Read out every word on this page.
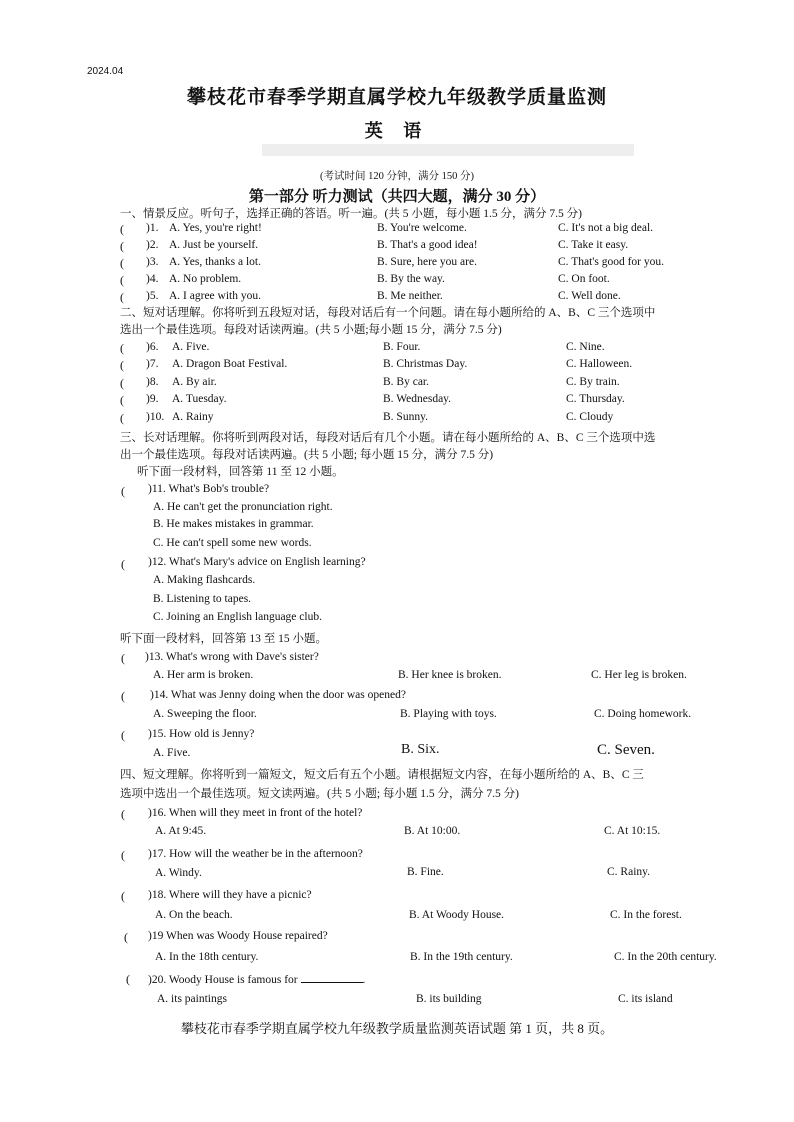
2024.04
攀枝花市春季学期直属学校九年级教学质量监测
英 语
(考试时间 120 分钟，满分 150 分)
第一部分 听力测试（共四大题，满分 30 分）
一、情景反应。听句子，选择正确的答语。听一遍。(共 5 小题，每小题 1.5 分，满分 7.5 分)
( )1. A. Yes, you're right!	B. You're welcome.	C. It's not a big deal.
( )2. A. Just be yourself.	B. That's a good idea!	C. Take it easy.
( )3. A. Yes, thanks a lot.	B. Sure, here you are.	C. That's good for you.
( )4. A. No problem.	B. By the way.	C. On foot.
( )5. A. I agree with you.	B. Me neither.	C. Well done.
( )6. A. Five.	B. Four.	C. Nine.
( )7. A. Dragon Boat Festival.	B. Christmas Day.	C. Halloween.
( )8. A. By air.	B. By car.	C. By train.
( )9. A. Tuesday.	B. Wednesday.	C. Thursday.
( )10. A. Rainy	B. Sunny.	C. Cloudy
二、短对话理解。你将听到五段短对话，每段对话后有一个问题。请在每小题所给的 A、B、C 三个选项中
选出一个最佳选项。每段对话读两遍。(共 5 小题;每小题 15 分，满分 7.5 分)
三、长对话理解。你将听到两段对话，每段对话后有几个小题。请在每小题所给的 A、B、C 三个选项中选
出一个最佳选项。每段对话读两遍。(共 5 小题; 每小题 15 分，满分 7.5 分)
听下面一段材料，回答第 11 至 12 小题。
( )11. What's Bob's trouble?
A. He can't get the pronunciation right.
B. He makes mistakes in grammar.
C. He can't spell some new words.
( )12. What's Mary's advice on English learning?
A. Making flashcards.
B. Listening to tapes.
C. Joining an English language club.
听下面一段材料，回答第 13 至 15 小题。
( )13. What's wrong with Dave's sister?
A. Her arm is broken.	B. Her knee is broken.	C. Her leg is broken.
( )14. What was Jenny doing when the door was opened?
A. Sweeping the floor.	B. Playing with toys.	C. Doing homework.
( )15. How old is Jenny?
A. Five.	B. Six.	C. Seven.
四、短文理解。你将听到一篇短文，短文后有五个小题。请根据短文内容，在每小题所给的 A、B、C 三
选项中选出一个最佳选项。短文读两遍。(共 5 小题; 每小题 1.5 分，满分 7.5 分)
( )16. When will they meet in front of the hotel?
A. At 9:45.	B. At 10:00.	C. At 10:15.
( )17. How will the weather be in the afternoon?
A. Windy.	B. Fine.	C. Rainy.
( )18. Where will they have a picnic?
A. On the beach.	B. At Woody House.	C. In the forest.
( )19 When was Woody House repaired?
A. In the 18th century.	B. In the 19th century.	C. In the 20th century.
( )20. Woody House is famous for	.
A. its paintings	B. its building	C. its island
攀枝花市春季学期直属学校九年级教学质量监测英语试题 第 1 页，共 8 页。
